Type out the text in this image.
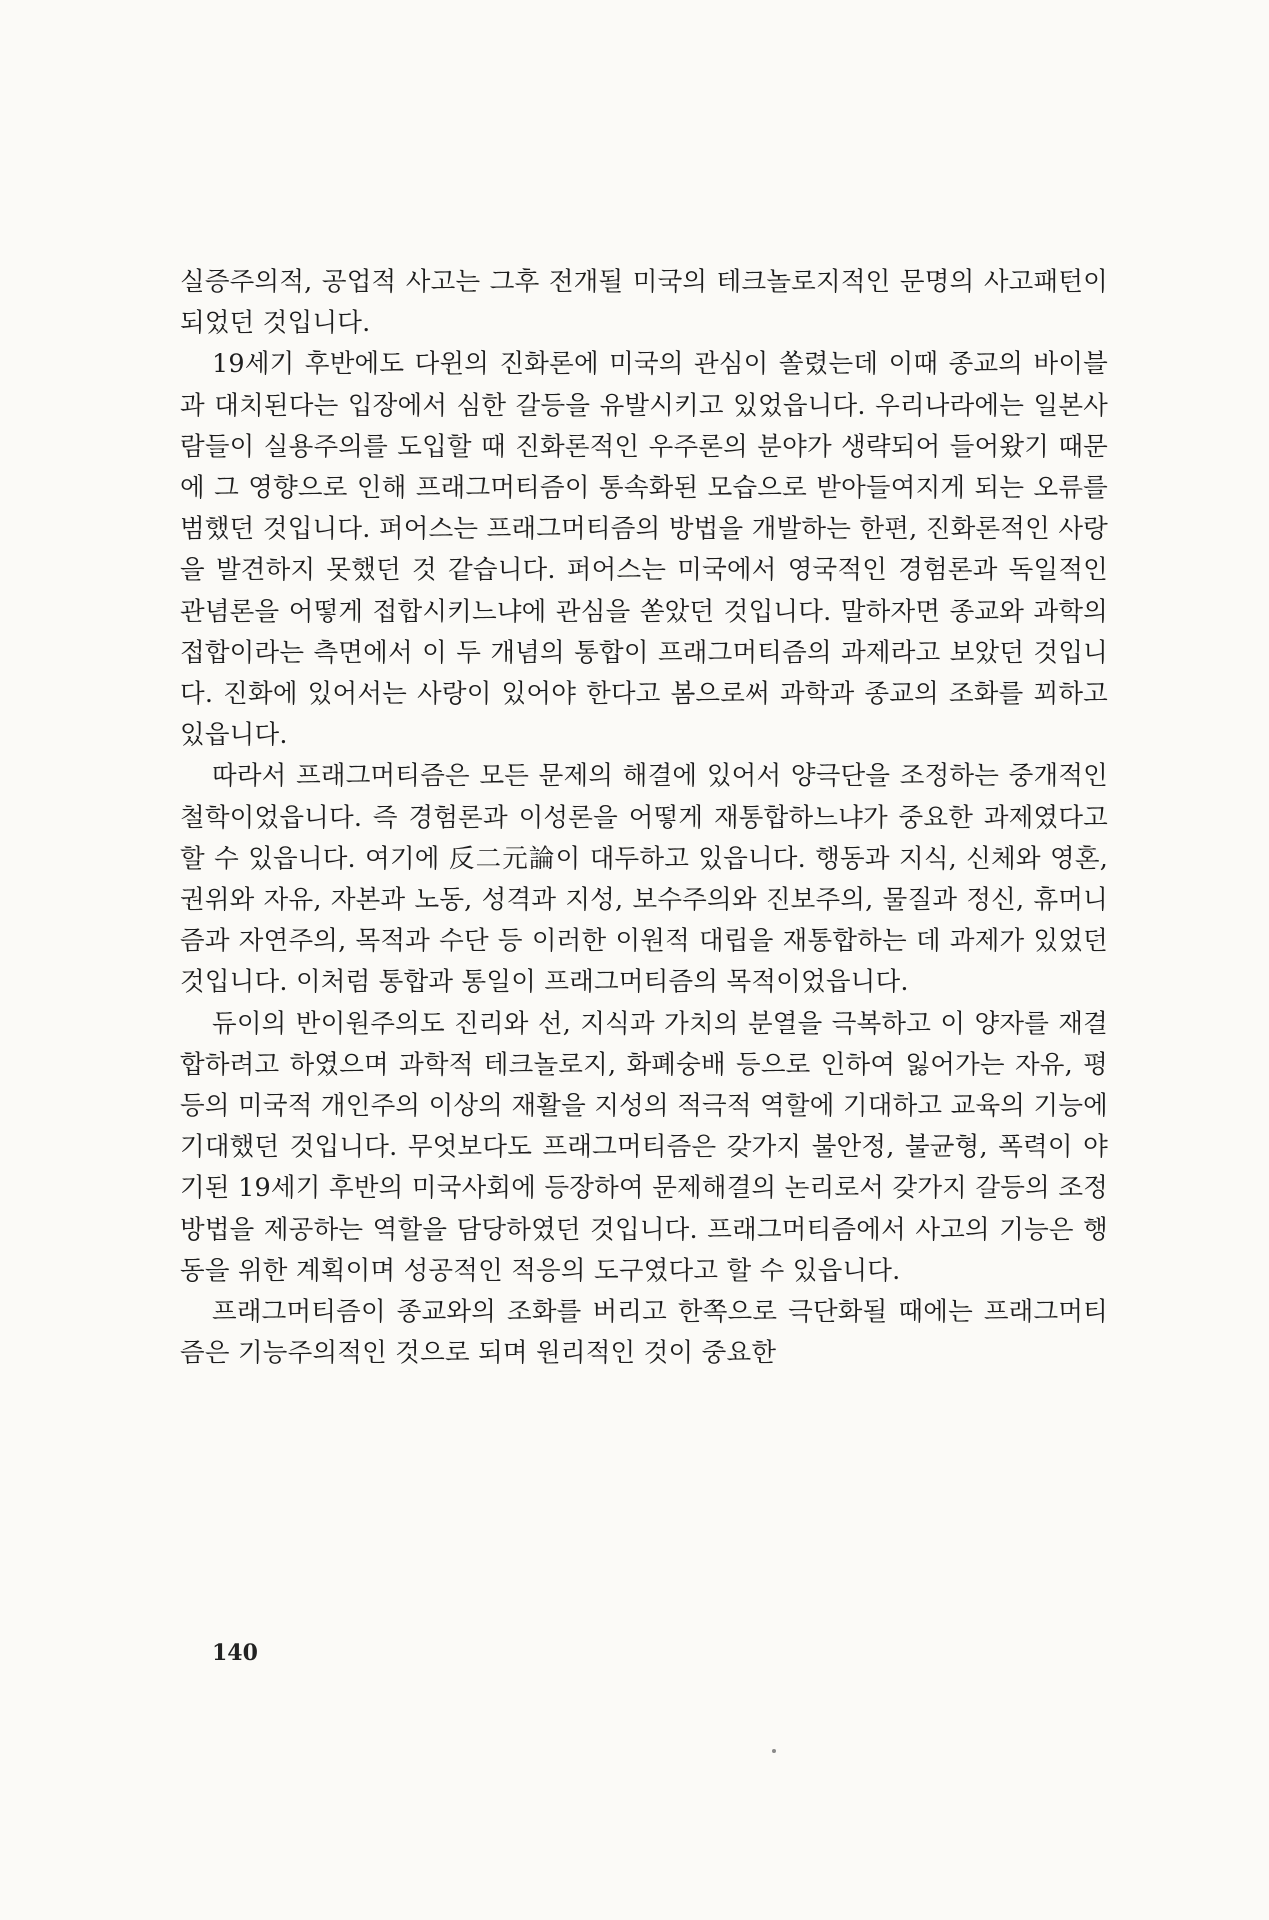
실증주의적, 공업적 사고는 그후 전개될 미국의 테크놀로지적인 문명의 사고패턴이 되었던 것입니다.

19세기 후반에도 다윈의 진화론에 미국의 관심이 쏠렸는데 이때 종교의 바이블과 대치된다는 입장에서 심한 갈등을 유발시키고 있었읍니다. 우리나라에는 일본사람들이 실용주의를 도입할 때 진화론적인 우주론의 분야가 생략되어 들어왔기 때문에 그 영향으로 인해 프래그머티즘이 통속화된 모습으로 받아들여지게 되는 오류를 범했던 것입니다. 퍼어스는 프래그머티즘의 방법을 개발하는 한편, 진화론적인 사랑을 발견하지 못했던 것 같습니다. 퍼어스는 미국에서 영국적인 경험론과 독일적인 관념론을 어떻게 접합시키느냐에 관심을 쏟았던 것입니다. 말하자면 종교와 과학의 접합이라는 측면에서 이 두 개념의 통합이 프래그머티즘의 과제라고 보았던 것입니다. 진화에 있어서는 사랑이 있어야 한다고 봄으로써 과학과 종교의 조화를 꾀하고 있읍니다.

따라서 프래그머티즘은 모든 문제의 해결에 있어서 양극단을 조정하는 중개적인 철학이었읍니다. 즉 경험론과 이성론을 어떻게 재통합하느냐가 중요한 과제였다고 할 수 있읍니다. 여기에 反二元論이 대두하고 있읍니다. 행동과 지식, 신체와 영혼, 권위와 자유, 자본과 노동, 성격과 지성, 보수주의와 진보주의, 물질과 정신, 휴머니즘과 자연주의, 목적과 수단 등 이러한 이원적 대립을 재통합하는 데 과제가 있었던 것입니다. 이처럼 통합과 통일이 프래그머티즘의 목적이었읍니다.

듀이의 반이원주의도 진리와 선, 지식과 가치의 분열을 극복하고 이 양자를 재결합하려고 하였으며 과학적 테크놀로지, 화폐숭배 등으로 인하여 잃어가는 자유, 평등의 미국적 개인주의 이상의 재활을 지성의 적극적 역할에 기대하고 교육의 기능에 기대했던 것입니다. 무엇보다도 프래그머티즘은 갖가지 불안정, 불균형, 폭력이 야기된 19세기 후반의 미국사회에 등장하여 문제해결의 논리로서 갖가지 갈등의 조정방법을 제공하는 역할을 담당하였던 것입니다. 프래그머티즘에서 사고의 기능은 행동을 위한 계획이며 성공적인 적응의 도구였다고 할 수 있읍니다.

프래그머티즘이 종교와의 조화를 버리고 한쪽으로 극단화될 때에는 프래그머티즘은 기능주의적인 것으로 되며 원리적인 것이 중요한

140
